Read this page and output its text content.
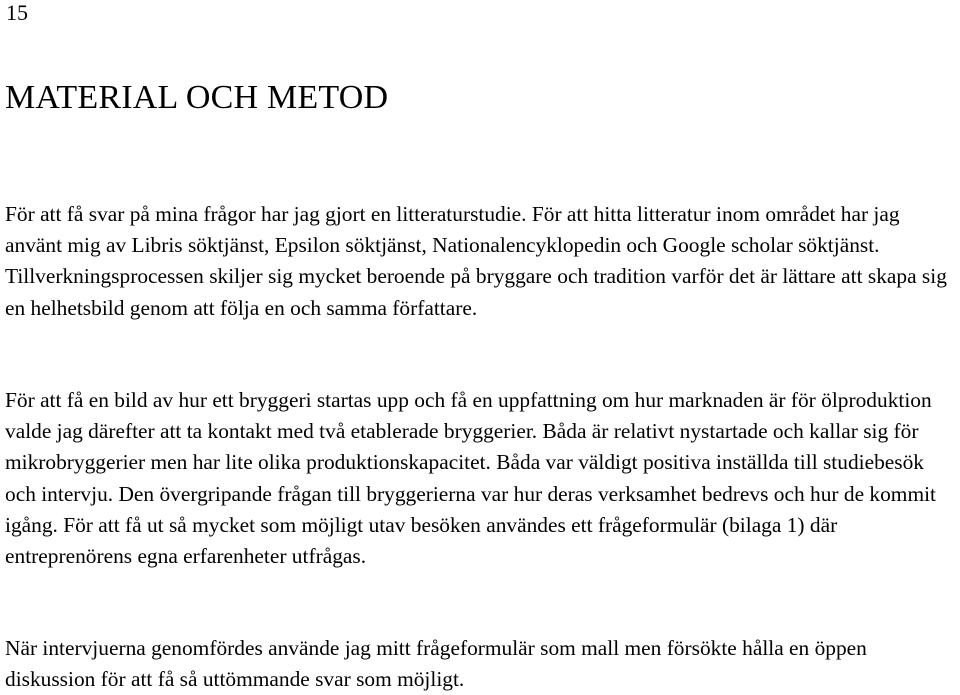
15
MATERIAL OCH METOD

För att få svar på mina frågor har jag gjort en litteraturstudie. För att hitta litteratur inom området har jag använt mig av Libris söktjänst, Epsilon söktjänst, Nationalencyklopedin och Google scholar söktjänst. Tillverkningsprocessen skiljer sig mycket beroende på bryggare och tradition varför det är lättare att skapa sig en helhetsbild genom att följa en och samma författare.

För att få en bild av hur ett bryggeri startas upp och få en uppfattning om hur marknaden är för ölproduktion valde jag därefter att ta kontakt med två etablerade bryggerier. Båda är relativt nystartade och kallar sig för mikrobryggerier men har lite olika produktionskapacitet. Båda var väldigt positiva inställda till studiebesök och intervju. Den övergripande frågan till bryggerierna var hur deras verksamhet bedrevs och hur de kommit igång. För att få ut så mycket som möjligt utav besöken användes ett frågeformulär (bilaga 1) där entreprenörens egna erfarenheter utfrågas.

När intervjuerna genomfördes använde jag mitt frågeformulär som mall men försökte hålla en öppen diskussion för att få så uttömmande svar som möjligt.
